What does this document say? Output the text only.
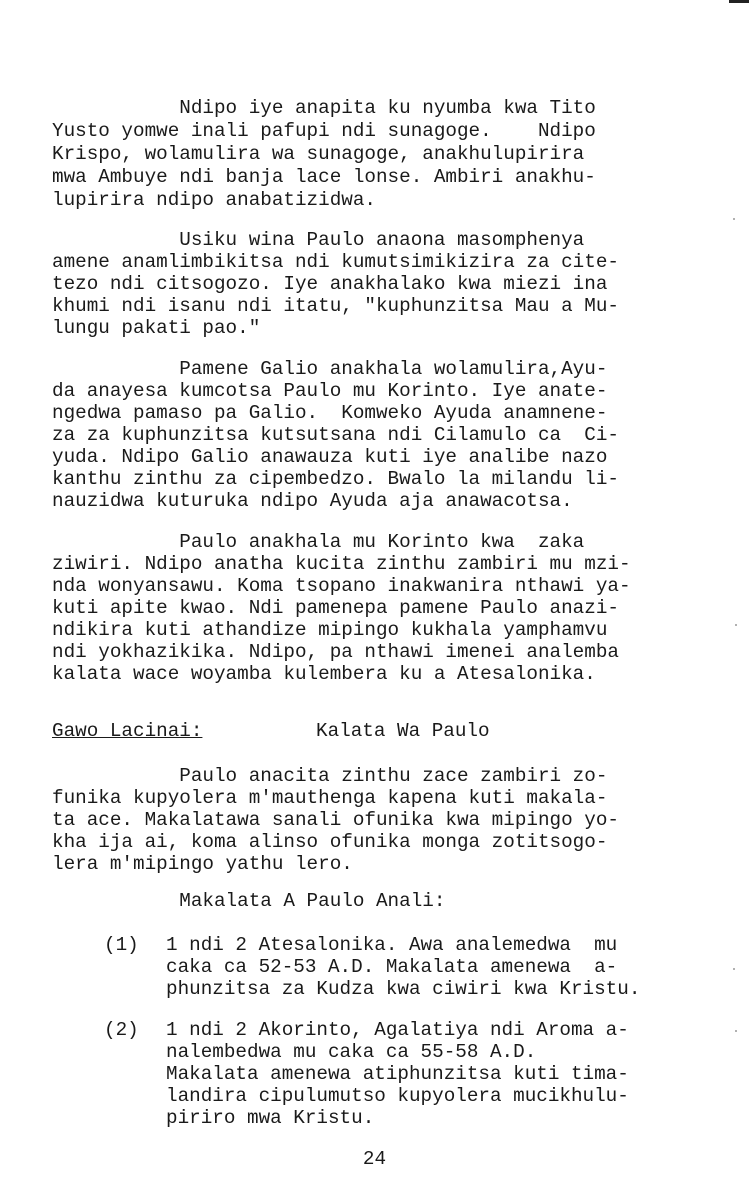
Ndipo iye anapita ku nyumba kwa Tito
Yusto yomwe inali pafupi ndi sunagoge.    Ndipo
Krispo, wolamulira wa sunagoge, anakhulupirira
mwa Ambuye ndi banja lace lonse. Ambiri anakhu-
lupirira ndipo anabatizidwa.
Usiku wina Paulo anaona masomphenya
amene anamlimbikitsa ndi kumutsimikizira za cite-
tezo ndi citsogozo. Iye anakhalako kwa miezi ina
khumi ndi isanu ndi itatu, "kuphunzitsa Mau a Mu-
lungu pakati pao."
Pamene Galio anakhala wolamulira,Ayu-
da anayesa kumcotsa Paulo mu Korinto. Iye anate-
ngedwa pamaso pa Galio.  Komweko Ayuda anamnene-
za za kuphunzitsa kutsutsana ndi Cilamulo ca  Ci-
yuda. Ndipo Galio anawauza kuti iye analibe nazo
kanthu zinthu za cipembedzo. Bwalo la milandu li-
nauzidwa kuturuka ndipo Ayuda aja anawacotsa.
Paulo anakhala mu Korinto kwa  zaka
ziwiri. Ndipo anatha kucita zinthu zambiri mu mzi-
nda wonyansawu. Koma tsopano inakwanira nthawi ya-
kuti apite kwao. Ndi pamenepa pamene Paulo anazi-
ndikira kuti athandize mipingo kukhala yamphamvu
ndi yokhazikika. Ndipo, pa nthawi imenei analemba
kalata wace woyamba kulembera ku a Atesalonika.
Gawo Lacinai:	Kalata Wa Paulo
Paulo anacita zinthu zace zambiri zo-
funika kupyolera m'mauthenga kapena kuti makala-
ta ace. Makalatawa sanali ofunika kwa mipingo yo-
kha ija ai, koma alinso ofunika monga zotitsogo-
lera m'mipingo yathu lero.
Makalata A Paulo Anali:
(1) 1 ndi 2 Atesalonika. Awa analemedwa  mu
caka ca 52-53 A.D. Makalata amenewa  a-
phunzitsa za Kudza kwa ciwiri kwa Kristu.
(2) 1 ndi 2 Akorinto, Agalatiya ndi Aroma a-
nalembedwa mu caka ca 55-58 A.D.
Makalata amenewa atiphunzitsa kuti tima-
landira cipulumutso kupyolera mucikhulu-
piriro mwa Kristu.
24
